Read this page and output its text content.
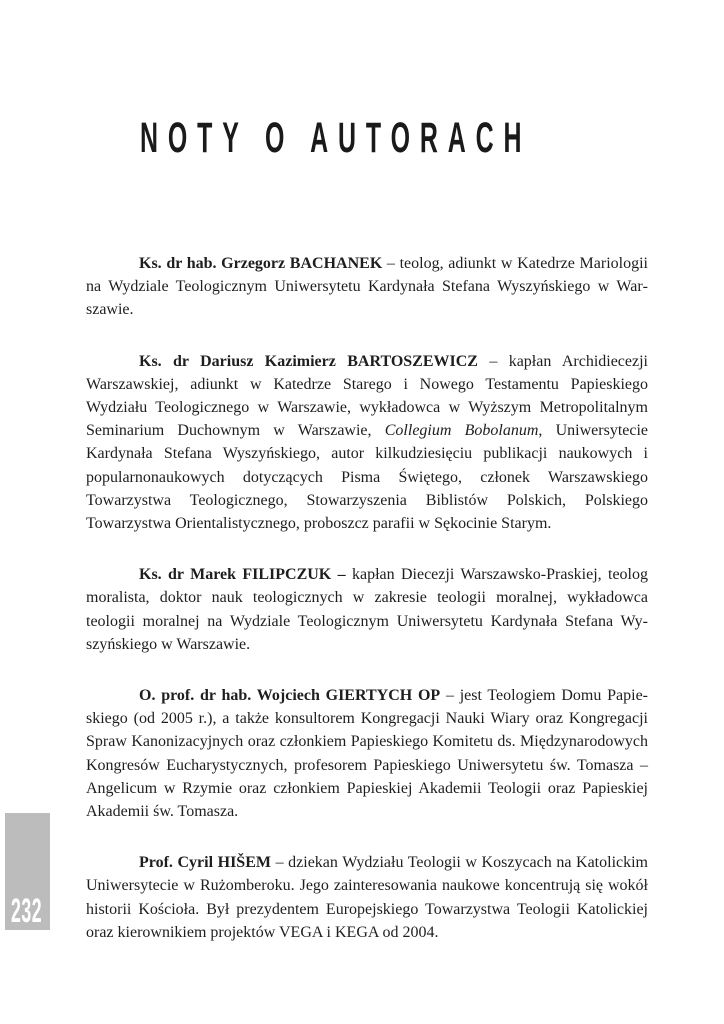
NOTY O AUTORACH

Ks. dr hab. Grzegorz BACHANEK – teolog, adiunkt w Katedrze Mariologii na Wydziale Teologicznym Uniwersytetu Kardynała Stefana Wyszyńskiego w Warszawie.

Ks. dr Dariusz Kazimierz BARTOSZEWICZ – kapłan Archidiecezji Warszawskiej, adiunkt w Katedrze Starego i Nowego Testamentu Papieskiego Wydziału Teologicznego w Warszawie, wykładowca w Wyższym Metropolitalnym Seminarium Duchownym w Warszawie, Collegium Bobolanum, Uniwersytecie Kardynała Stefana Wyszyńskiego, autor kilkudziesięciu publikacji naukowych i popularnonaukowych dotyczących Pisma Świętego, członek Warszawskiego Towarzystwa Teologicznego, Stowarzyszenia Biblistów Polskich, Polskiego Towarzystwa Orientalistycznego, proboszcz parafii w Sękocinie Starym.

Ks. dr Marek FILIPCZUK – kapłan Diecezji Warszawsko-Praskiej, teolog moralista, doktor nauk teologicznych w zakresie teologii moralnej, wykładowca teologii moralnej na Wydziale Teologicznym Uniwersytetu Kardynała Stefana Wyszyńskiego w Warszawie.

O. prof. dr hab. Wojciech GIERTYCH OP – jest Teologiem Domu Papieskiego (od 2005 r.), a także konsultorem Kongregacji Nauki Wiary oraz Kongregacji Spraw Kanonizacyjnych oraz członkiem Papieskiego Komitetu ds. Międzynarodowych Kongresów Eucharystycznych, profesorem Papieskiego Uniwersytetu św. Tomasza – Angelicum w Rzymie oraz członkiem Papieskiej Akademii Teologii oraz Papieskiej Akademii św. Tomasza.

Prof. Cyril HIŠEM – dziekan Wydziału Teologii w Koszycach na Katolickim Uniwersytecie w Rużomberoku. Jego zainteresowania naukowe koncentrują się wokół historii Kościoła. Był prezydentem Europejskiego Towarzystwa Teologii Katolickiej oraz kierownikiem projektów VEGA i KEGA od 2004.

232
